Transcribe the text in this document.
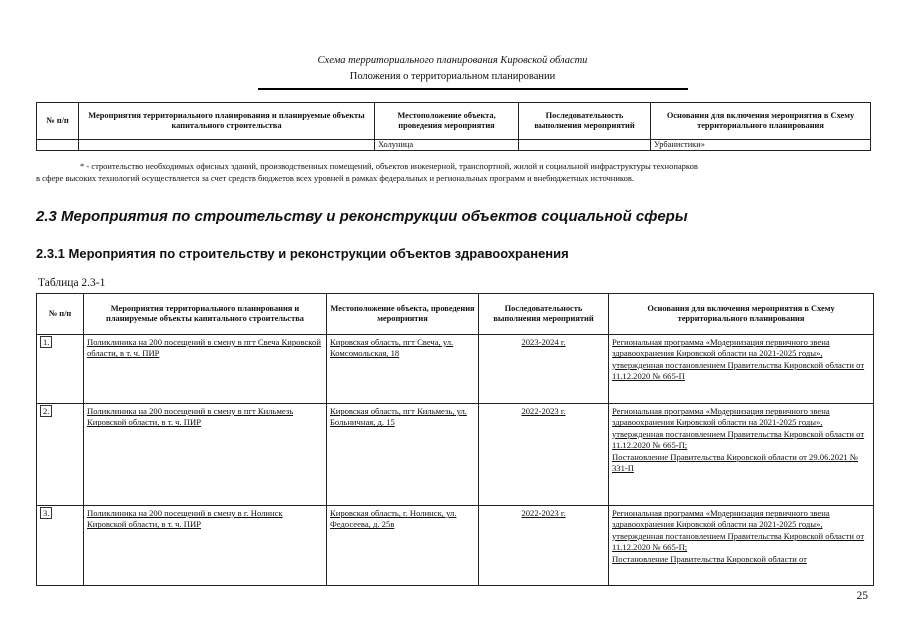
Схема территориального планирования Кировской области
Положения о территориальном планировании
№ п/п	Мероприятия территориального планирования и планируемые объекты капитального строительства	Местоположение объекта, проведения мероприятия	Последовательность выполнения мероприятий	Основания для включения мероприятия в Схему территориального планирования
		Холуница		Урбанистики»
* - строительство необходимых офисных зданий, производственных помещений, объектов инженерной, транспортной, жилой и социальной инфраструктуры технопарков
в сфере высоких технологий осуществляется за счет средств бюджетов всех уровней в рамках федеральных и региональных программ и внебюджетных источников.
2.3 Мероприятия по строительству и реконструкции объектов социальной сферы
2.3.1 Мероприятия по строительству и реконструкции объектов здравоохранения
Таблица 2.3-1
№ п/п	Мероприятия территориального планирования и планируемые объекты капитального строительства	Местоположение объекта, проведения мероприятия	Последовательность выполнения мероприятий	Основания для включения мероприятия в Схему территориального планирования
1.	Поликлиника на 200 посещений в смену в пгт Свеча Кировской области, в т. ч. ПИР	Кировская область, пгт Свеча, ул. Комсомольская, 18	2023-2024 г.	Региональная программа «Модернизация первичного звена здравоохранения Кировской области на 2021-2025 годы», утвержденная постановлением Правительства Кировской области от 11.12.2020 № 665-П

2.	Поликлиника на 200 посещений в смену в пгт Кильмезь Кировской области, в т. ч. ПИР	Кировская область, пгт Кильмезь, ул. Больничная, д. 15	2022-2023 г.	Региональная программа «Модернизация первичного звена здравоохранения Кировской области на 2021-2025 годы», утвержденная постановлением Правительства Кировской области от 11.12.2020 № 665-П;
Постановление Правительства Кировской области от 29.06.2021 № 331-П

3.	Поликлиника на 200 посещений в смену в г. Нолинск Кировской области, в т. ч. ПИР	Кировская область, г. Нолинск, ул. Федосеева, д. 25в	2022-2023 г.	Региональная программа «Модернизация первичного звена здравоохранения Кировской области на 2021-2025 годы», утвержденная постановлением Правительства Кировской области от 11.12.2020 № 665-П;
Постановление Правительства Кировской области от
25
